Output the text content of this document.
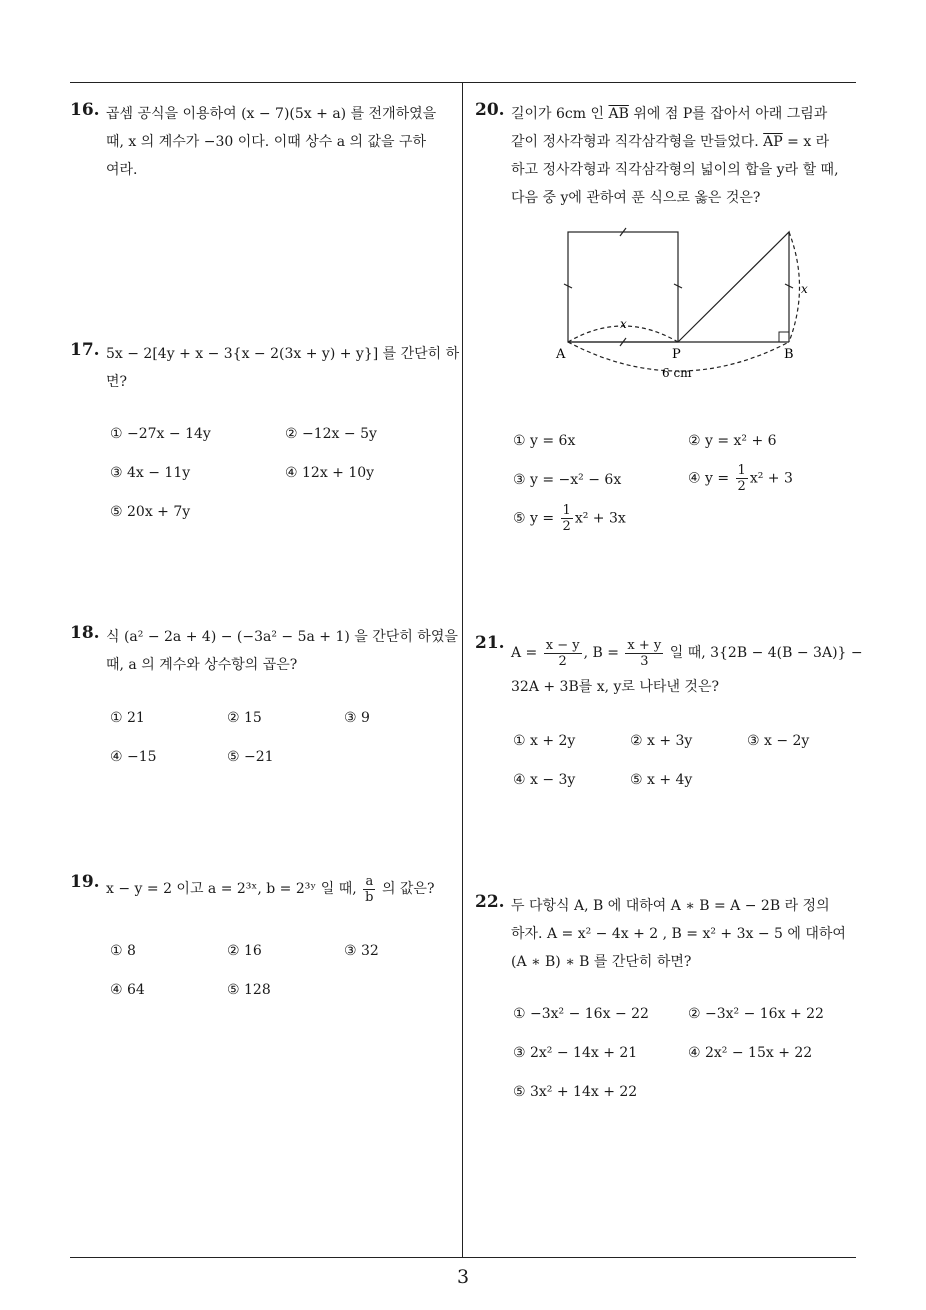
3
16. 곱셈 공식을 이용하여 (x − 7)(5x + a) 를 전개하였을
때, x 의 계수가 −30 이다. 이때 상수 a 의 값을 구하
여라.
17. 5x − 2[4y + x − 3{x − 2(3x + y) + y}] 를 간단히 하
면?
① −27x − 14y	② −12x − 5y
③ 4x − 11y	④ 12x + 10y
⑤ 20x + 7y
18. 식 (a² − 2a + 4) − (−3a² − 5a + 1) 을 간단히 하였을
때, a 의 계수와 상수항의 곱은?
① 21	② 15	③ 9
④ −15	⑤ −21
19. x − y = 2 이고 a = 2³ˣ, b = 2³ʸ 일 때, $\frac{a}{b}$ 의 값은?
① 8	② 16	③ 32
④ 64	⑤ 128
20. 길이가 6cm 인 $\overline{AB}$ 위에 점 P를 잡아서 아래 그림과
같이 정사각형과 직각삼각형을 만들었다. $\overline{AP} = x$ 라
하고 정사각형과 직각삼각형의 넓이의 합을 y라 할 때,
다음 중 y에 관하여 푼 식으로 옳은 것은?
A	P	B
x
x
6 cm
① y = 6x	② y = x² + 6
③ y = −x² − 6x	④ $y = \frac{1}{2} x^2 + 3$
⑤ $y = \frac{1}{2} x^2 + 3x$
21. $A = \frac{x - y}{2}$ , $B = \frac{x + y}{3}$ 일 때, 3{2B − 4(B − 3A)} −
32A + 3B를 x, y로 나타낸 것은?
① x + 2y	② x + 3y	③ x − 2y
④ x − 3y	⑤ x + 4y
22. 두 다항식 A, B 에 대하여 A ∗ B = A − 2B 라 정의
하자. A = x² − 4x + 2 , B = x² + 3x − 5 에 대하여
(A ∗ B) ∗ B 를 간단히 하면?
① −3x² − 16x − 22	② −3x² − 16x + 22
③ 2x² − 14x + 21	④ 2x² − 15x + 22
⑤ 3x² + 14x + 22
